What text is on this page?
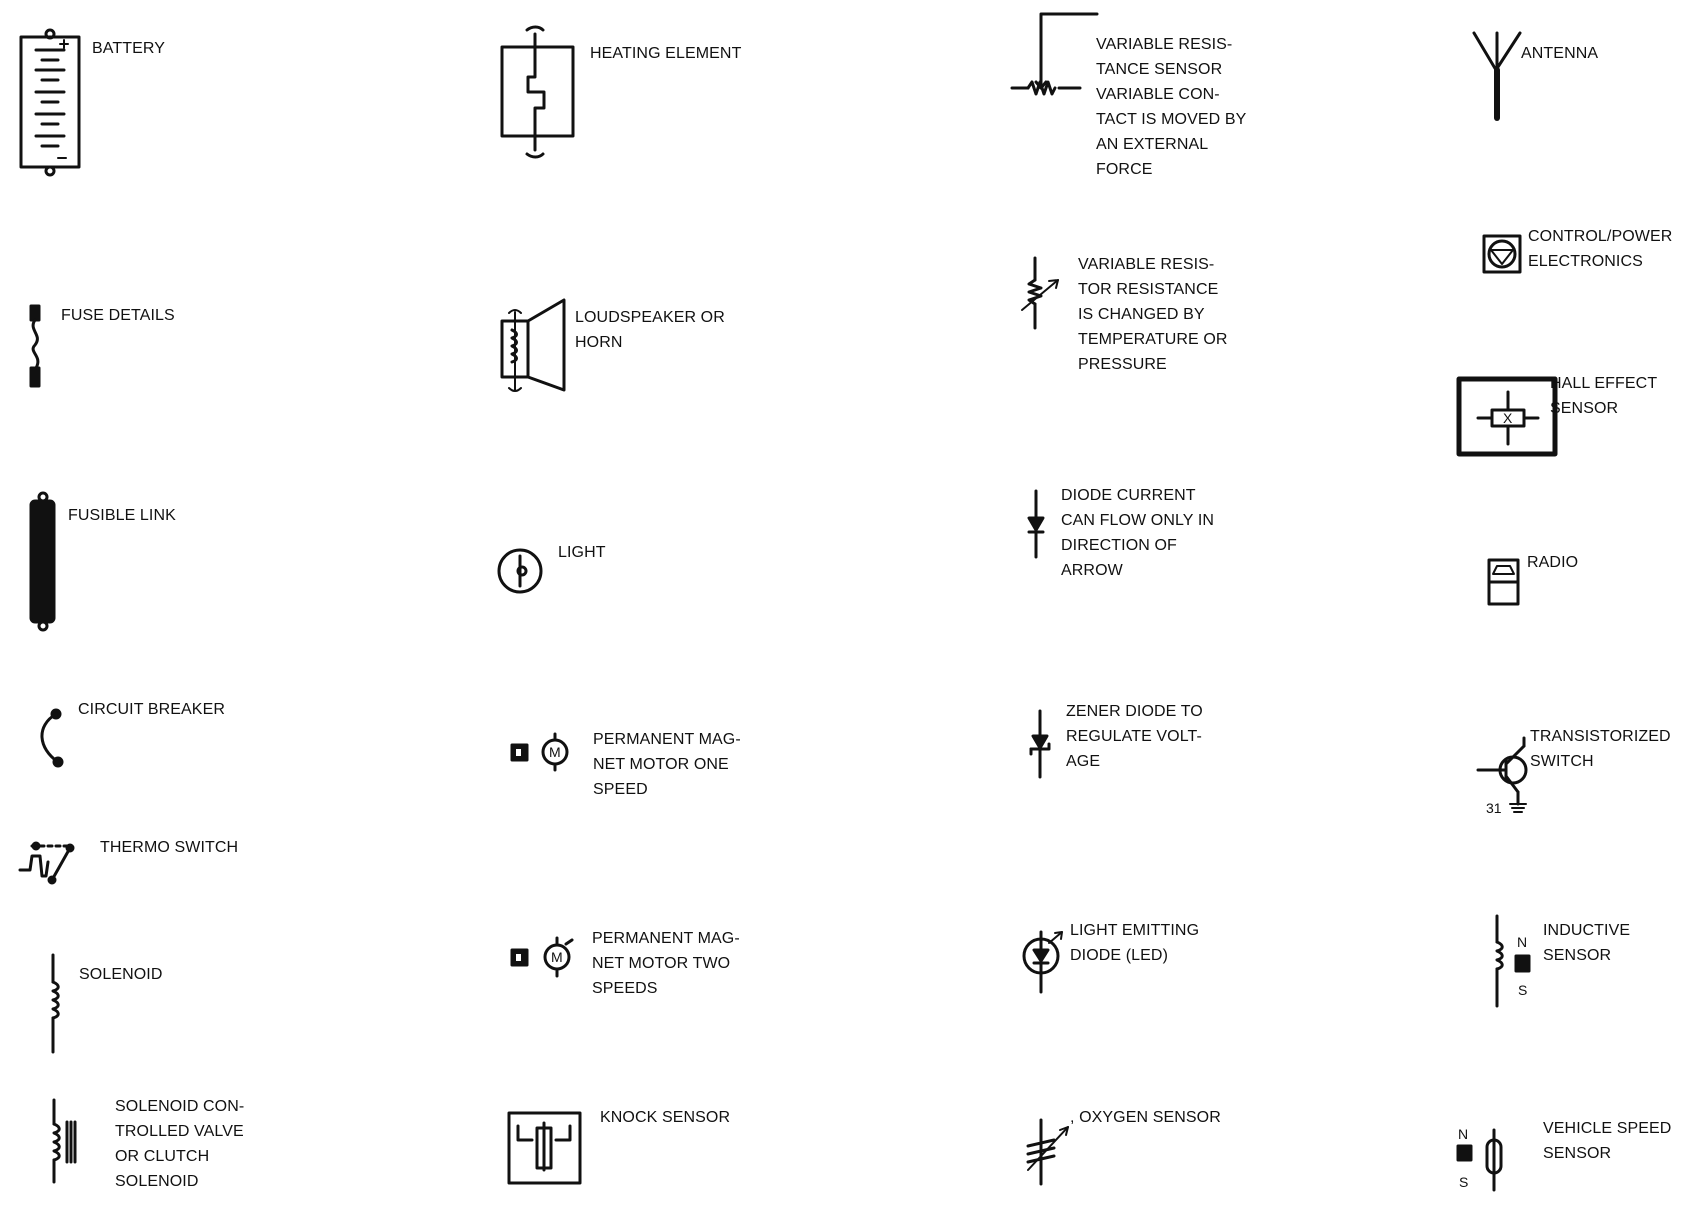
M
M
X
31
N
S
N
S
BATTERY
FUSE DETAILS
FUSIBLE LINK
CIRCUIT BREAKER
THERMO SWITCH
SOLENOID
SOLENOID CON-
TROLLED VALVE
OR CLUTCH
SOLENOID
HEATING ELEMENT
LOUDSPEAKER OR
HORN
LIGHT
PERMANENT MAG-
NET MOTOR ONE
SPEED
PERMANENT MAG-
NET MOTOR TWO
SPEEDS
KNOCK SENSOR
VARIABLE RESIS-
TANCE SENSOR
VARIABLE CON-
TACT IS MOVED BY
AN EXTERNAL
FORCE
VARIABLE RESIS-
TOR RESISTANCE
IS CHANGED BY
TEMPERATURE OR
PRESSURE
DIODE CURRENT
CAN FLOW ONLY IN
DIRECTION OF
ARROW
ZENER DIODE TO
REGULATE VOLT-
AGE
LIGHT EMITTING
DIODE (LED)
, OXYGEN SENSOR
ANTENNA
CONTROL/POWER
ELECTRONICS
HALL EFFECT
SENSOR
RADIO
TRANSISTORIZED
SWITCH
INDUCTIVE
SENSOR
VEHICLE SPEED
SENSOR
